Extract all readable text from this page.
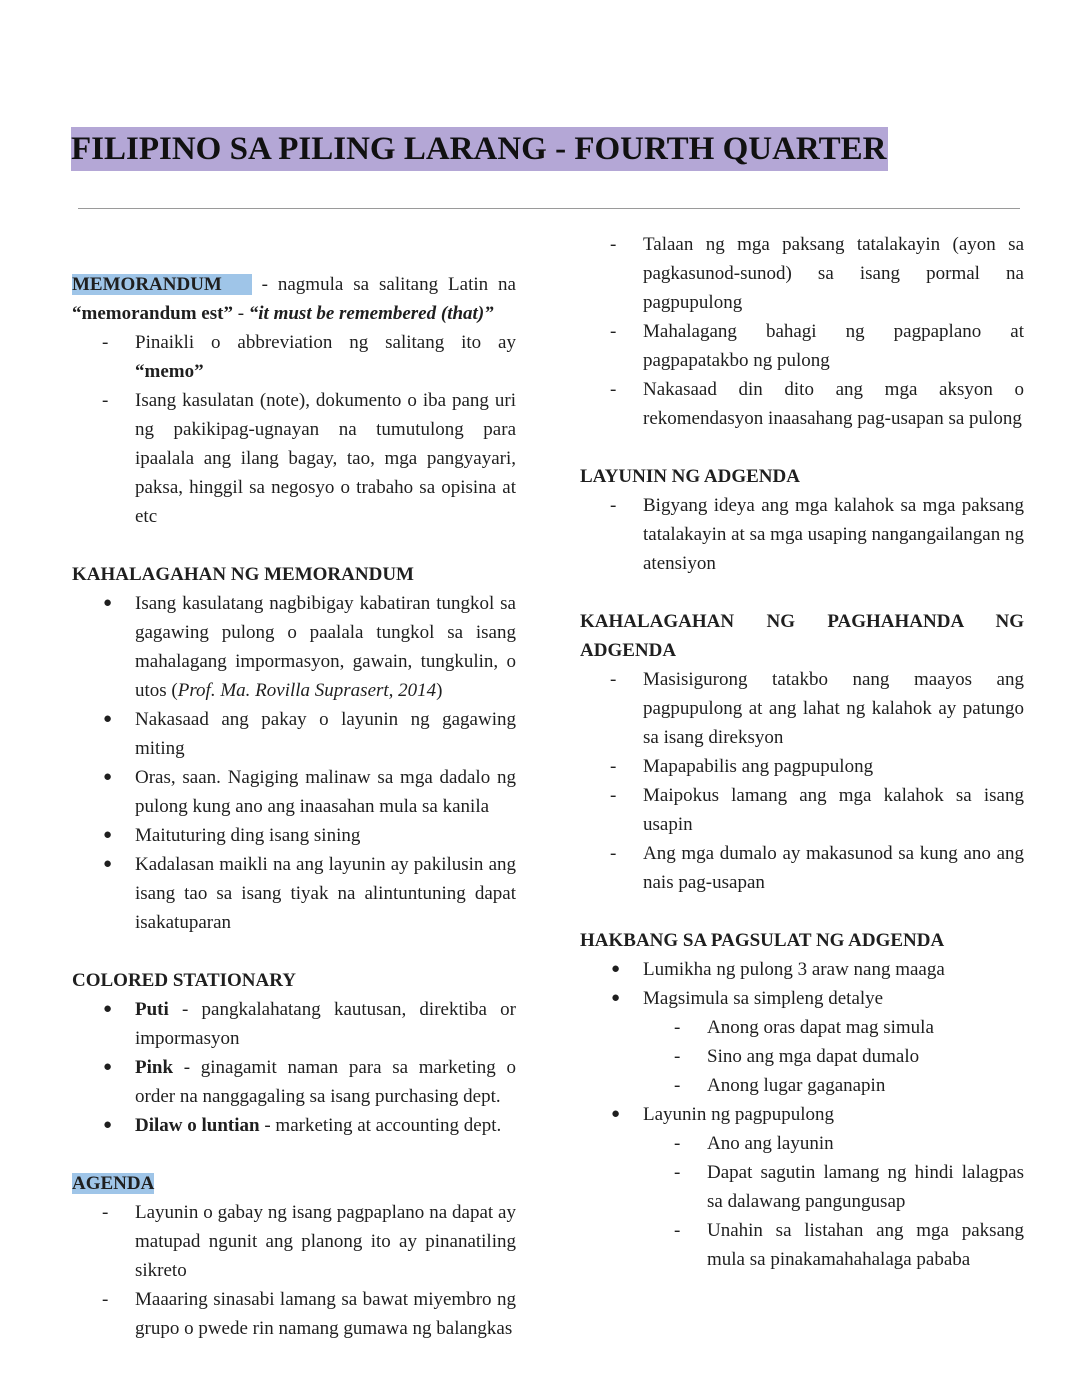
FILIPINO SA PILING LARANG - FOURTH QUARTER
MEMORANDUM    - nagmula sa salitang Latin na
“memorandum est” - “it must be remembered (that)”
- Pinaikli o abbreviation ng salitang ito ay “memo”
- Isang kasulatan (note), dokumento o iba pang uri ng pakikipag-ugnayan na tumutulong para ipaalala ang ilang bagay, tao, mga pangyayari, paksa, hinggil sa negosyo o trabaho sa opisina at etc
KAHALAGAHAN NG MEMORANDUM
● Isang kasulatang nagbibigay kabatiran tungkol sa gagawing pulong o paalala tungkol sa isang mahalagang impormasyon, gawain, tungkulin, o utos (Prof. Ma. Rovilla Suprasert, 2014)
● Nakasaad ang pakay o layunin ng gagawing miting
● Oras, saan. Nagiging malinaw sa mga dadalo ng pulong kung ano ang inaasahan mula sa kanila
● Maituturing ding isang sining
● Kadalasan maikli na ang layunin ay pakilusin ang isang tao sa isang tiyak na alintuntuning dapat isakatuparan
COLORED STATIONARY
● Puti - pangkalahatang kautusan, direktiba or impormasyon
● Pink - ginagamit naman para sa marketing o order na nanggagaling sa isang purchasing dept.
● Dilaw o luntian - marketing at accounting dept.
AGENDA
- Layunin o gabay ng isang pagpaplano na dapat ay matupad ngunit ang planong ito ay pinanatiling sikreto
- Maaaring sinasabi lamang sa bawat miyembro ng grupo o pwede rin namang gumawa ng balangkas
- Talaan ng mga paksang tatalakayin (ayon sa pagkasunod-sunod) sa isang pormal na pagpupulong
- Mahalagang bahagi ng pagpaplano at pagpapatakbo ng pulong
- Nakasaad din dito ang mga aksyon o rekomendasyon inaasahang pag-usapan sa pulong
LAYUNIN NG ADGENDA
- Bigyang ideya ang mga kalahok sa mga paksang tatalakayin at sa mga usaping nangangailangan ng atensiyon
KAHALAGAHAN NG PAGHAHANDA NG
ADGENDA
- Masisigurong tatakbo nang maayos ang pagpupulong at ang lahat ng kalahok ay patungo sa isang direksyon
- Mapapabilis ang pagpupulong
- Maipokus lamang ang mga kalahok sa isang usapin
- Ang mga dumalo ay makasunod sa kung ano ang nais pag-usapan
HAKBANG SA PAGSULAT NG ADGENDA
● Lumikha ng pulong 3 araw nang maaga
● Magsimula sa simpleng detalye
- Anong oras dapat mag simula
- Sino ang mga dapat dumalo
- Anong lugar gaganapin
● Layunin ng pagpupulong
- Ano ang layunin
- Dapat sagutin lamang ng hindi lalagpas sa dalawang pangungusap
- Unahin sa listahan ang mga paksang mula sa pinakamahahalaga pababa
